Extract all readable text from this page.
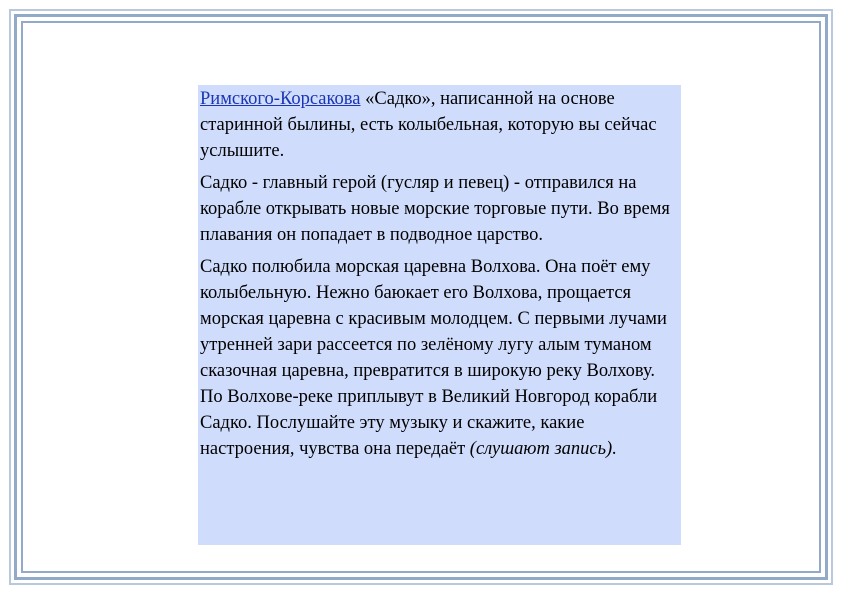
Римского-Корсакова «Садко», написанной на основе старинной былины, есть колыбельная, которую вы сейчас услышите.

Садко - главный герой (гусляр и певец) - отправился на корабле открывать новые морские торговые пути. Во время плавания он попадает в подводное царство.

Садко полюбила морская царевна Волхова. Она поёт ему колыбельную. Нежно баюкает его Волхова, прощается морская царевна с красивым молодцем. С первыми лучами утренней зари рассеется по зелёному лугу алым туманом сказочная царевна, превратится в широкую реку Волхову. По Волхове-реке приплывут в Великий Новгород корабли Садко. Послушайте эту музыку и скажите, какие настроения, чувства она передаёт (слушают запись).
